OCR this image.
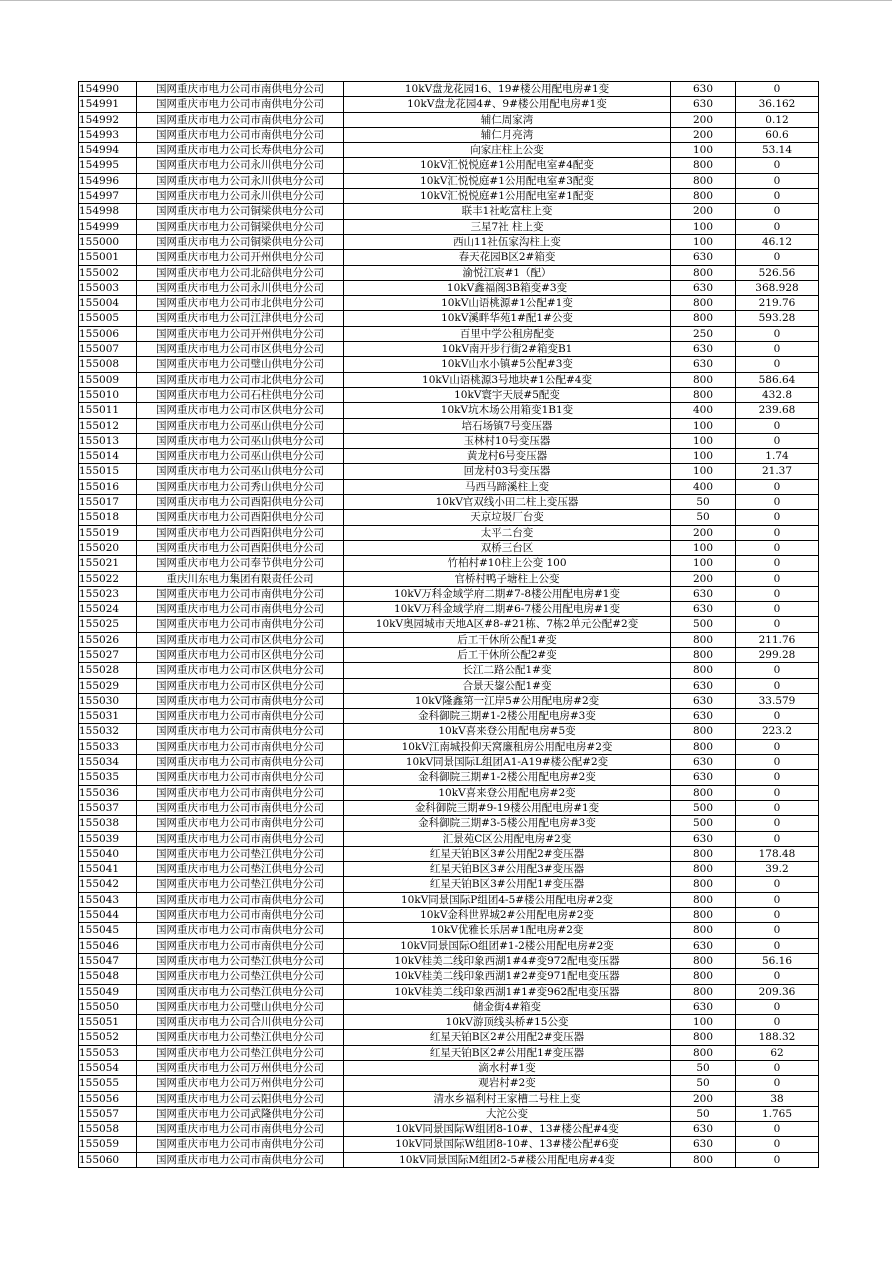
154990	国网重庆市电力公司市南供电分公司	10kV盘龙花园16、19#楼公用配电房#1变	630	0
154991	国网重庆市电力公司市南供电分公司	10kV盘龙花园4#、9#楼公用配电房#1变	630	36.162
154992	国网重庆市电力公司市南供电分公司	辅仁周家湾	200	0.12
154993	国网重庆市电力公司市南供电分公司	辅仁月亮湾	200	60.6
154994	国网重庆市电力公司长寿供电分公司	向家庄柱上公变	100	53.14
154995	国网重庆市电力公司永川供电分公司	10kV汇悦悦庭#1公用配电室#4配变	800	0
154996	国网重庆市电力公司永川供电分公司	10kV汇悦悦庭#1公用配电室#3配变	800	0
154997	国网重庆市电力公司永川供电分公司	10kV汇悦悦庭#1公用配电室#1配变	800	0
154998	国网重庆市电力公司铜梁供电分公司	联丰1社屹富柱上变	200	0
154999	国网重庆市电力公司铜梁供电分公司	三星7社 柱上变	100	0
155000	国网重庆市电力公司铜梁供电分公司	西山11社伍家沟柱上变	100	46.12
155001	国网重庆市电力公司开州供电分公司	春天花园B区2#箱变	630	0
155002	国网重庆市电力公司北碚供电分公司	渝悦江宸#1（配）	800	526.56
155003	国网重庆市电力公司永川供电分公司	10kV鑫福阁3B箱变#3变	630	368.928
155004	国网重庆市电力公司市北供电分公司	10kV山语桃源#1公配#1变	800	219.76
155005	国网重庆市电力公司江津供电分公司	10kV溪畔华苑1#配1#公变	800	593.28
155006	国网重庆市电力公司开州供电分公司	百里中学公租房配变	250	0
155007	国网重庆市电力公司市区供电分公司	10kV南开步行街2#箱变B1	630	0
155008	国网重庆市电力公司璧山供电分公司	10kV山水小镇#5公配#3变	630	0
155009	国网重庆市电力公司市北供电分公司	10kV山语桃源3号地块#1公配#4变	800	586.64
155010	国网重庆市电力公司石柱供电分公司	10kV寰宇天辰#5配变	800	432.8
155011	国网重庆市电力公司市区供电分公司	10kV坑木场公用箱变1B1变	400	239.68
155012	国网重庆市电力公司巫山供电分公司	培石场镇7号变压器	100	0
155013	国网重庆市电力公司巫山供电分公司	玉林村10号变压器	100	0
155014	国网重庆市电力公司巫山供电分公司	黄龙村6号变压器	100	1.74
155015	国网重庆市电力公司巫山供电分公司	回龙村03号变压器	100	21.37
155016	国网重庆市电力公司秀山供电分公司	马西马蹄溪柱上变	400	0
155017	国网重庆市电力公司酉阳供电分公司	10kV官双线小田二柱上变压器	50	0
155018	国网重庆市电力公司酉阳供电分公司	天京垃圾厂台变	50	0
155019	国网重庆市电力公司酉阳供电分公司	太平二台变	200	0
155020	国网重庆市电力公司酉阳供电分公司	双桥三台区	100	0
155021	国网重庆市电力公司奉节供电分公司	竹柏村#10柱上公变 100	100	0
155022	重庆川东电力集团有限责任公司	官桥村鸭子塘柱上公变	200	0
155023	国网重庆市电力公司市南供电分公司	10kV万科金域学府二期#7-8楼公用配电房#1变	630	0
155024	国网重庆市电力公司市南供电分公司	10kV万科金域学府二期#6-7楼公用配电房#1变	630	0
155025	国网重庆市电力公司市南供电分公司	10kV奥园城市天地A区#8-#21栋、7栋2单元公配#2变	500	0
155026	国网重庆市电力公司市区供电分公司	后工干休所公配1#变	800	211.76
155027	国网重庆市电力公司市区供电分公司	后工干休所公配2#变	800	299.28
155028	国网重庆市电力公司市区供电分公司	长江二路公配1#变	800	0
155029	国网重庆市电力公司市区供电分公司	合景天鋆公配1#变	630	0
155030	国网重庆市电力公司市南供电分公司	10kV隆鑫第一江岸5#公用配电房#2变	630	33.579
155031	国网重庆市电力公司市南供电分公司	金科御院三期#1-2楼公用配电房#3变	630	0
155032	国网重庆市电力公司市南供电分公司	10kV喜来登公用配电房#5变	800	223.2
155033	国网重庆市电力公司市南供电分公司	10kV江南城投仰天窝廉租房公用配电房#2变	800	0
155034	国网重庆市电力公司市南供电分公司	10kV同景国际L组团A1-A19#楼公配#2变	630	0
155035	国网重庆市电力公司市南供电分公司	金科御院三期#1-2楼公用配电房#2变	630	0
155036	国网重庆市电力公司市南供电分公司	10kV喜来登公用配电房#2变	800	0
155037	国网重庆市电力公司市南供电分公司	金科御院三期#9-19楼公用配电房#1变	500	0
155038	国网重庆市电力公司市南供电分公司	金科御院三期#3-5楼公用配电房#3变	500	0
155039	国网重庆市电力公司市南供电分公司	汇景苑C区公用配电房#2变	630	0
155040	国网重庆市电力公司垫江供电分公司	红星天铂B区3#公用配2#变压器	800	178.48
155041	国网重庆市电力公司垫江供电分公司	红星天铂B区3#公用配3#变压器	800	39.2
155042	国网重庆市电力公司垫江供电分公司	红星天铂B区3#公用配1#变压器	800	0
155043	国网重庆市电力公司市南供电分公司	10kV同景国际P组团4-5#楼公用配电房#2变	800	0
155044	国网重庆市电力公司市南供电分公司	10kV金科世界城2#公用配电房#2变	800	0
155045	国网重庆市电力公司市南供电分公司	10kV优雅长乐居#1配电房#2变	800	0
155046	国网重庆市电力公司市南供电分公司	10kV同景国际O组团#1-2楼公用配电房#2变	630	0
155047	国网重庆市电力公司垫江供电分公司	10kV桂美二线印象西湖1#4#变972配电变压器	800	56.16
155048	国网重庆市电力公司垫江供电分公司	10kV桂美二线印象西湖1#2#变971配电变压器	800	0
155049	国网重庆市电力公司垫江供电分公司	10kV桂美二线印象西湖1#1#变962配电变压器	800	209.36
155050	国网重庆市电力公司璧山供电分公司	储金街4#箱变	630	0
155051	国网重庆市电力公司合川供电分公司	10kV游顶线头桥#15公变	100	0
155052	国网重庆市电力公司垫江供电分公司	红星天铂B区2#公用配2#变压器	800	188.32
155053	国网重庆市电力公司垫江供电分公司	红星天铂B区2#公用配1#变压器	800	62
155054	国网重庆市电力公司万州供电分公司	滴水村#1变	50	0
155055	国网重庆市电力公司万州供电分公司	观岩村#2变	50	0
155056	国网重庆市电力公司云阳供电分公司	清水乡福利村王家槽二号柱上变	200	38
155057	国网重庆市电力公司武隆供电分公司	大沱公变	50	1.765
155058	国网重庆市电力公司市南供电分公司	10kV同景国际W组团8-10#、13#楼公配#4变	630	0
155059	国网重庆市电力公司市南供电分公司	10kV同景国际W组团8-10#、13#楼公配#6变	630	0
155060	国网重庆市电力公司市南供电分公司	10kV同景国际M组团2-5#楼公用配电房#4变	800	0
